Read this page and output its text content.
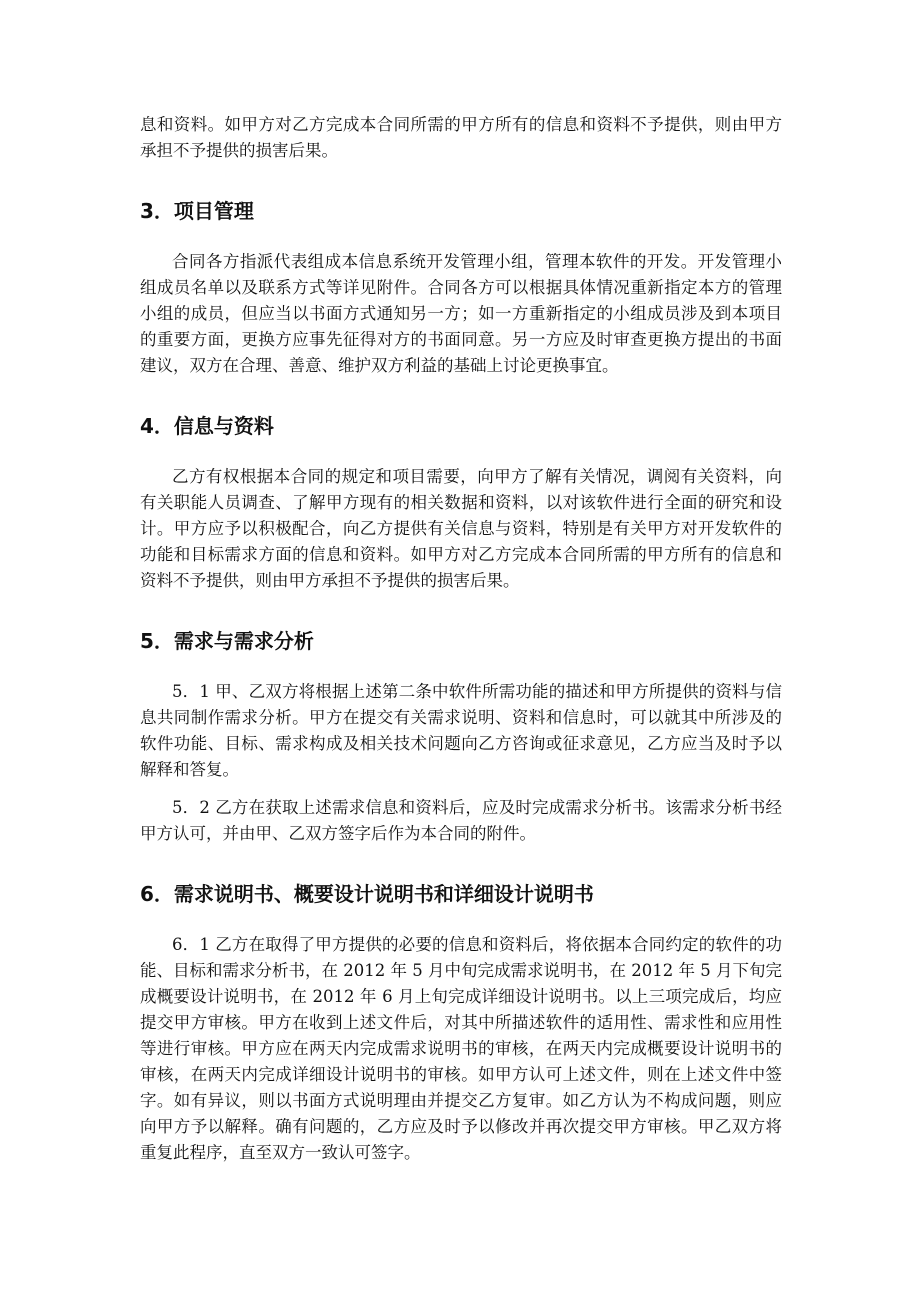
息和资料。如甲方对乙方完成本合同所需的甲方所有的信息和资料不予提供，则由甲方承担不予提供的损害后果。

3．项目管理

合同各方指派代表组成本信息系统开发管理小组，管理本软件的开发。开发管理小组成员名单以及联系方式等详见附件。合同各方可以根据具体情况重新指定本方的管理小组的成员，但应当以书面方式通知另一方；如一方重新指定的小组成员涉及到本项目的重要方面，更换方应事先征得对方的书面同意。另一方应及时审查更换方提出的书面建议，双方在合理、善意、维护双方利益的基础上讨论更换事宜。

4．信息与资料

乙方有权根据本合同的规定和项目需要，向甲方了解有关情况，调阅有关资料，向有关职能人员调查、了解甲方现有的相关数据和资料，以对该软件进行全面的研究和设计。甲方应予以积极配合，向乙方提供有关信息与资料，特别是有关甲方对开发软件的功能和目标需求方面的信息和资料。如甲方对乙方完成本合同所需的甲方所有的信息和资料不予提供，则由甲方承担不予提供的损害后果。

5．需求与需求分析

5．1 甲、乙双方将根据上述第二条中软件所需功能的描述和甲方所提供的资料与信息共同制作需求分析。甲方在提交有关需求说明、资料和信息时，可以就其中所涉及的软件功能、目标、需求构成及相关技术问题向乙方咨询或征求意见，乙方应当及时予以解释和答复。

5．2 乙方在获取上述需求信息和资料后，应及时完成需求分析书。该需求分析书经甲方认可，并由甲、乙双方签字后作为本合同的附件。

6．需求说明书、概要设计说明书和详细设计说明书

6．1 乙方在取得了甲方提供的必要的信息和资料后，将依据本合同约定的软件的功能、目标和需求分析书，在 2012 年 5 月中旬完成需求说明书，在 2012 年 5 月下旬完成概要设计说明书，在 2012 年 6 月上旬完成详细设计说明书。以上三项完成后，均应提交甲方审核。甲方在收到上述文件后，对其中所描述软件的适用性、需求性和应用性等进行审核。甲方应在两天内完成需求说明书的审核，在两天内完成概要设计说明书的审核，在两天内完成详细设计说明书的审核。如甲方认可上述文件，则在上述文件中签字。如有异议，则以书面方式说明理由并提交乙方复审。如乙方认为不构成问题，则应向甲方予以解释。确有问题的，乙方应及时予以修改并再次提交甲方审核。甲乙双方将重复此程序，直至双方一致认可签字。
